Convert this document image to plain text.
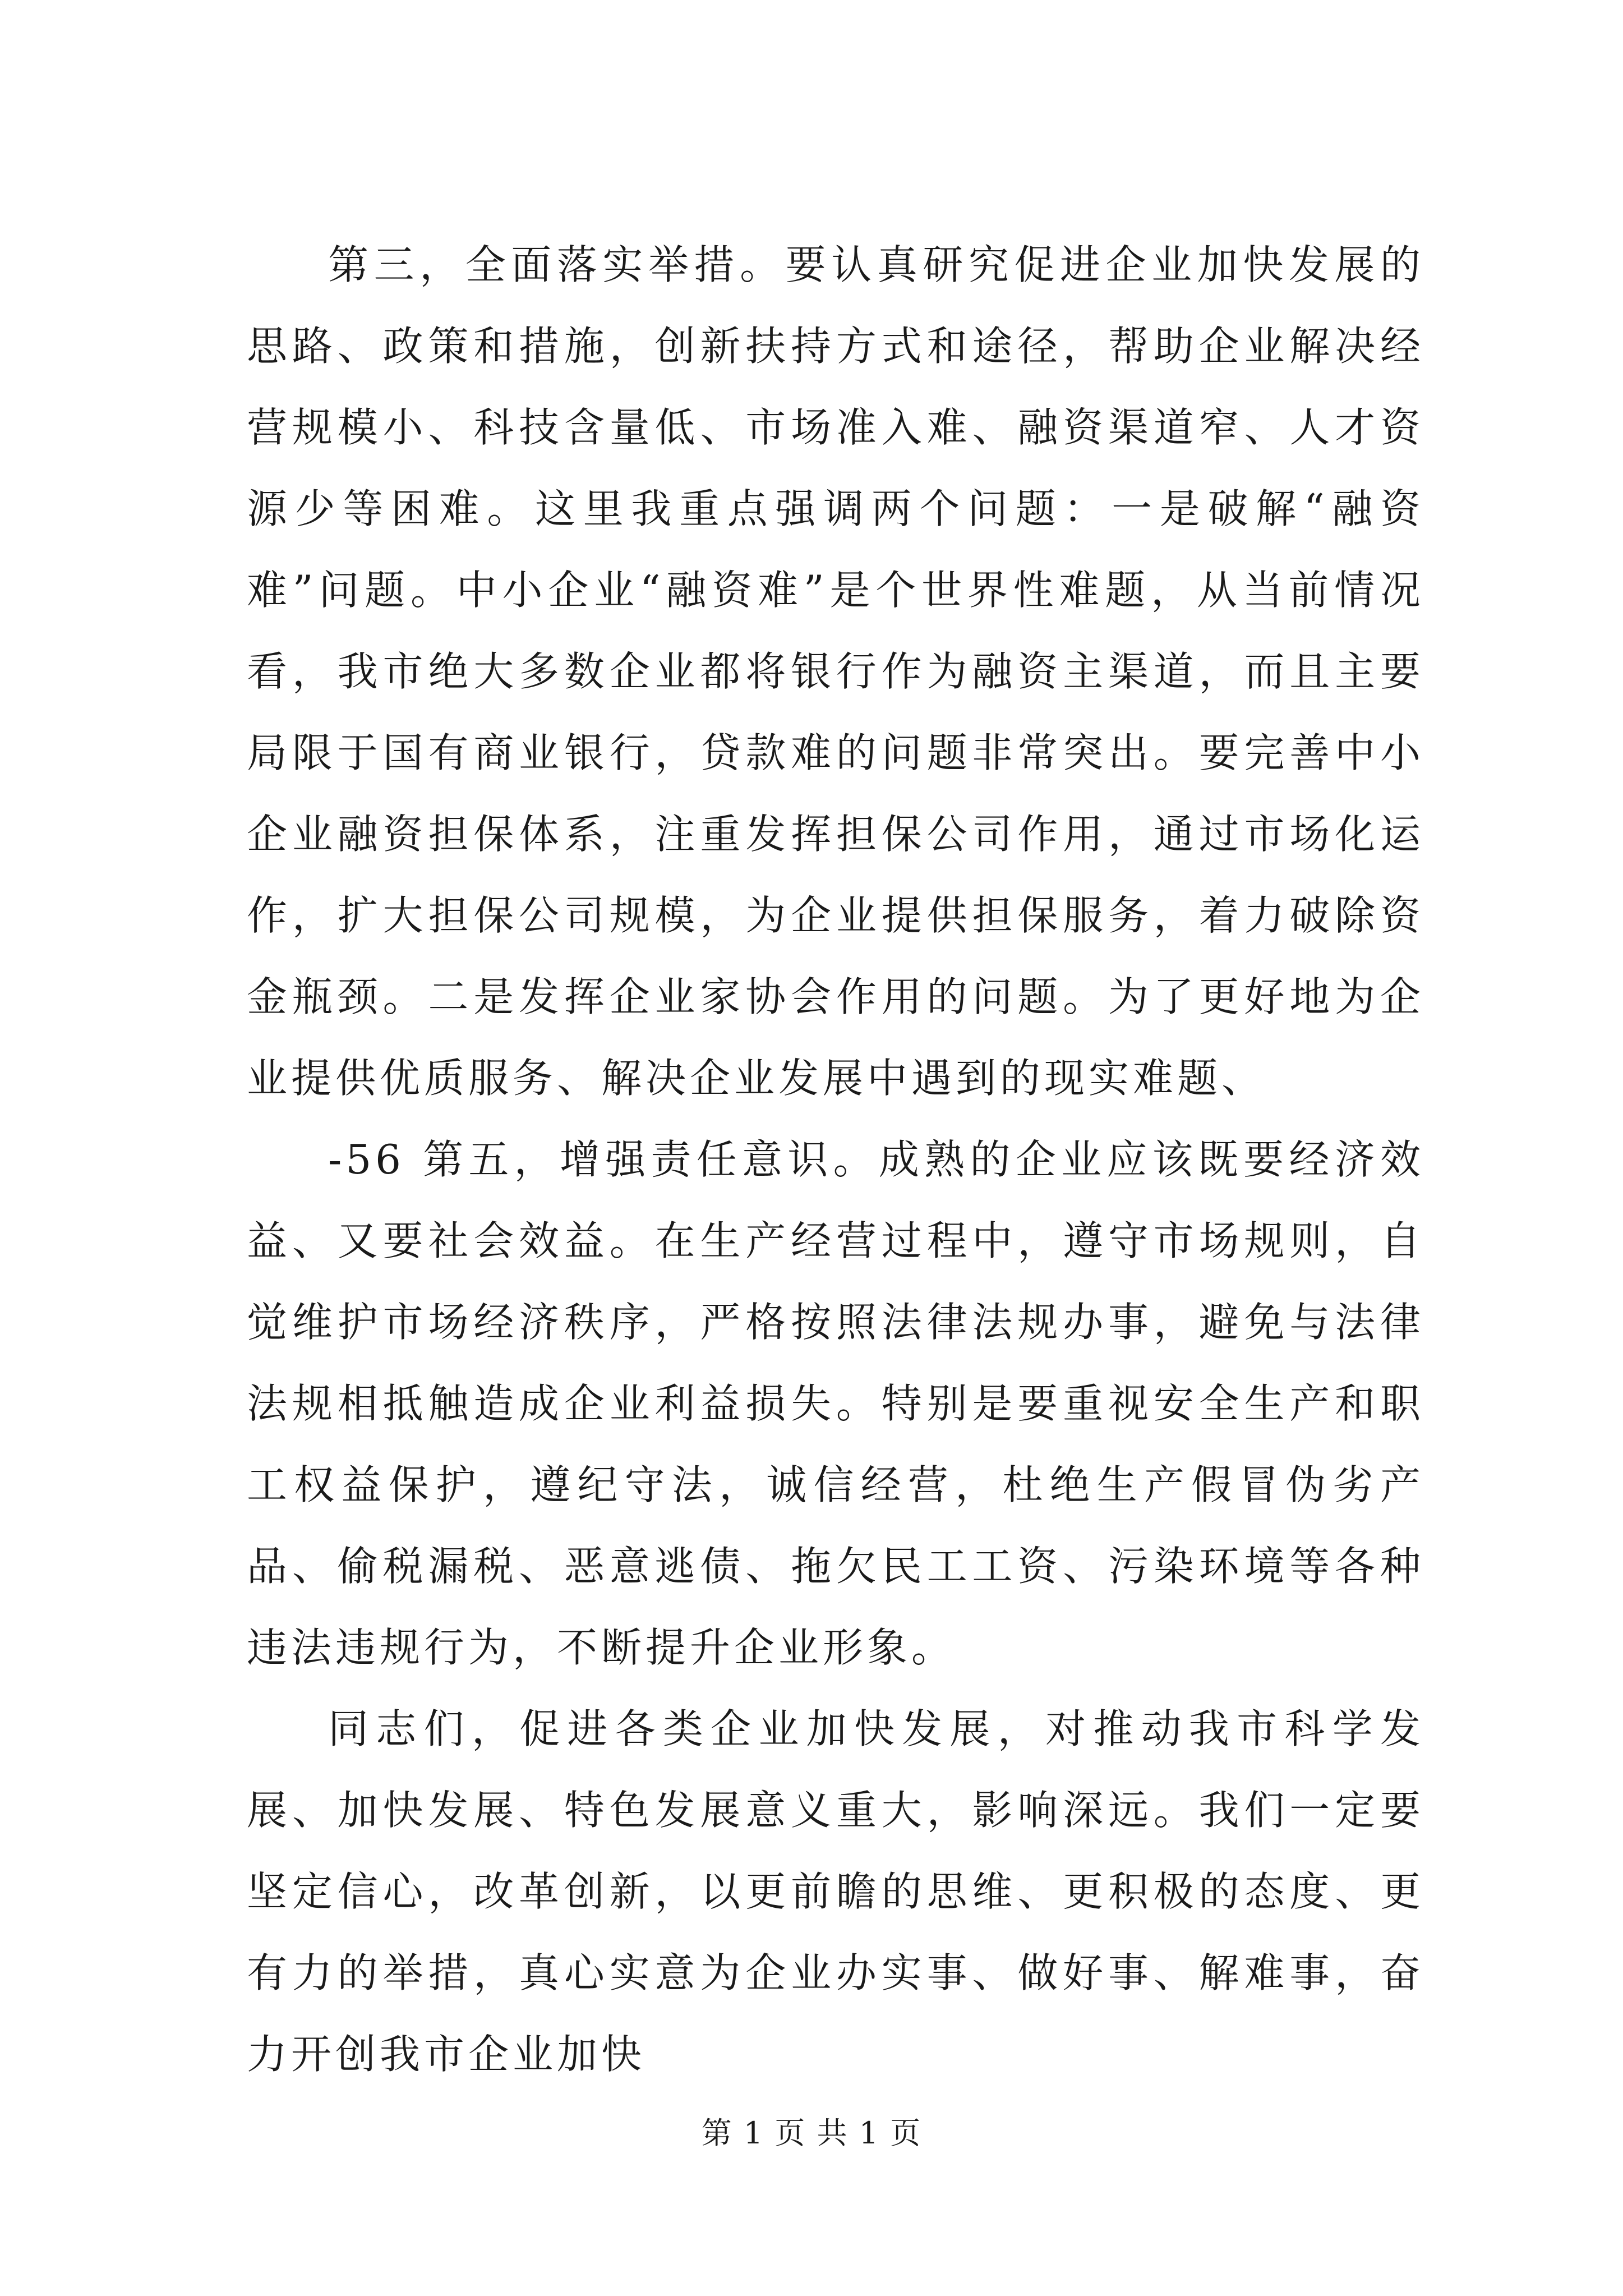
第三，全面落实举措。要认真研究促进企业加快发展的思路、政策和措施，创新扶持方式和途径，帮助企业解决经营规模小、科技含量低、市场准入难、融资渠道窄、人才资源少等困难。这里我重点强调两个问题：一是破解“融资难”问题。中小企业“融资难”是个世界性难题，从当前情况看，我市绝大多数企业都将银行作为融资主渠道，而且主要局限于国有商业银行，贷款难的问题非常突出。要完善中小企业融资担保体系，注重发挥担保公司作用，通过市场化运作，扩大担保公司规模，为企业提供担保服务，着力破除资金瓶颈。二是发挥企业家协会作用的问题。为了更好地为企业提供优质服务、解决企业发展中遇到的现实难题、

-56 第五，增强责任意识。成熟的企业应该既要经济效益、又要社会效益。在生产经营过程中，遵守市场规则，自觉维护市场经济秩序，严格按照法律法规办事，避免与法律法规相抵触造成企业利益损失。特别是要重视安全生产和职工权益保护，遵纪守法，诚信经营，杜绝生产假冒伪劣产品、偷税漏税、恶意逃债、拖欠民工工资、污染环境等各种违法违规行为，不断提升企业形象。

同志们，促进各类企业加快发展，对推动我市科学发展、加快发展、特色发展意义重大，影响深远。我们一定要坚定信心，改革创新，以更前瞻的思维、更积极的态度、更有力的举措，真心实意为企业办实事、做好事、解难事，奋力开创我市企业加快

第 1 页 共 1 页
